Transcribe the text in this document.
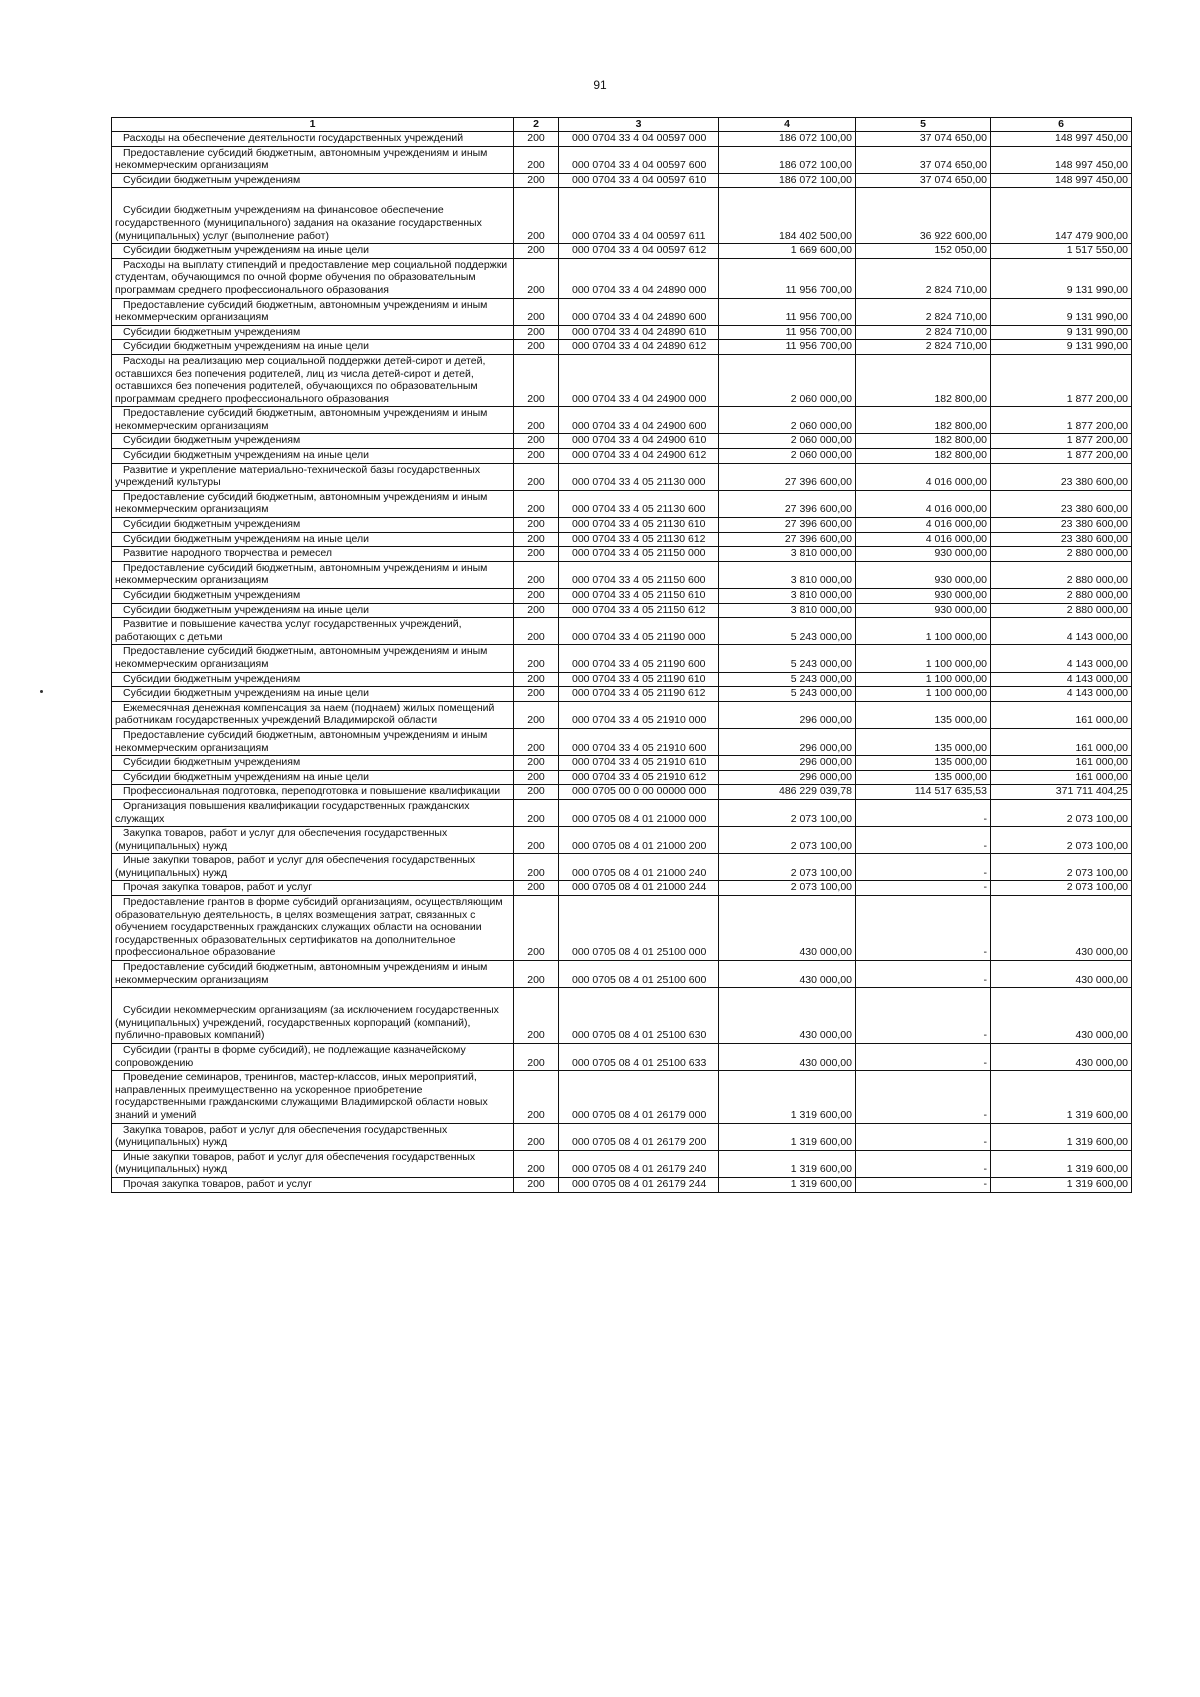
91
1	2	3	4	5	6
Расходы на обеспечение деятельности государственных учреждений	200	000 0704 33 4 04 00597 000	186 072 100,00	37 074 650,00	148 997 450,00
Предоставление субсидий бюджетным, автономным учреждениям и иным некоммерческим организациям	200	000 0704 33 4 04 00597 600	186 072 100,00	37 074 650,00	148 997 450,00
Субсидии бюджетным учреждениям	200	000 0704 33 4 04 00597 610	186 072 100,00	37 074 650,00	148 997 450,00
Субсидии бюджетным учреждениям на финансовое обеспечение государственного (муниципального) задания на оказание государственных (муниципальных) услуг (выполнение работ)	200	000 0704 33 4 04 00597 611	184 402 500,00	36 922 600,00	147 479 900,00
Субсидии бюджетным учреждениям на иные цели	200	000 0704 33 4 04 00597 612	1 669 600,00	152 050,00	1 517 550,00
Расходы на выплату стипендий и предоставление мер социальной поддержки студентам, обучающимся по очной форме обучения по образовательным программам среднего профессионального образования	200	000 0704 33 4 04 24890 000	11 956 700,00	2 824 710,00	9 131 990,00
Предоставление субсидий бюджетным, автономным учреждениям и иным некоммерческим организациям	200	000 0704 33 4 04 24890 600	11 956 700,00	2 824 710,00	9 131 990,00
Субсидии бюджетным учреждениям	200	000 0704 33 4 04 24890 610	11 956 700,00	2 824 710,00	9 131 990,00
Субсидии бюджетным учреждениям на иные цели	200	000 0704 33 4 04 24890 612	11 956 700,00	2 824 710,00	9 131 990,00
Расходы на реализацию мер социальной поддержки детей-сирот и детей, оставшихся без попечения родителей, лиц из числа детей-сирот и детей, оставшихся без попечения родителей, обучающихся по образовательным программам среднего профессионального образования	200	000 0704 33 4 04 24900 000	2 060 000,00	182 800,00	1 877 200,00
Предоставление субсидий бюджетным, автономным учреждениям и иным некоммерческим организациям	200	000 0704 33 4 04 24900 600	2 060 000,00	182 800,00	1 877 200,00
Субсидии бюджетным учреждениям	200	000 0704 33 4 04 24900 610	2 060 000,00	182 800,00	1 877 200,00
Субсидии бюджетным учреждениям на иные цели	200	000 0704 33 4 04 24900 612	2 060 000,00	182 800,00	1 877 200,00
Развитие и укрепление материально-технической базы государственных учреждений культуры	200	000 0704 33 4 05 21130 000	27 396 600,00	4 016 000,00	23 380 600,00
Предоставление субсидий бюджетным, автономным учреждениям и иным некоммерческим организациям	200	000 0704 33 4 05 21130 600	27 396 600,00	4 016 000,00	23 380 600,00
Субсидии бюджетным учреждениям	200	000 0704 33 4 05 21130 610	27 396 600,00	4 016 000,00	23 380 600,00
Субсидии бюджетным учреждениям на иные цели	200	000 0704 33 4 05 21130 612	27 396 600,00	4 016 000,00	23 380 600,00
Развитие народного творчества и ремесел	200	000 0704 33 4 05 21150 000	3 810 000,00	930 000,00	2 880 000,00
Предоставление субсидий бюджетным, автономным учреждениям и иным некоммерческим организациям	200	000 0704 33 4 05 21150 600	3 810 000,00	930 000,00	2 880 000,00
Субсидии бюджетным учреждениям	200	000 0704 33 4 05 21150 610	3 810 000,00	930 000,00	2 880 000,00
Субсидии бюджетным учреждениям на иные цели	200	000 0704 33 4 05 21150 612	3 810 000,00	930 000,00	2 880 000,00
Развитие и повышение качества услуг государственных учреждений, работающих с детьми	200	000 0704 33 4 05 21190 000	5 243 000,00	1 100 000,00	4 143 000,00
Предоставление субсидий бюджетным, автономным учреждениям и иным некоммерческим организациям	200	000 0704 33 4 05 21190 600	5 243 000,00	1 100 000,00	4 143 000,00
Субсидии бюджетным учреждениям	200	000 0704 33 4 05 21190 610	5 243 000,00	1 100 000,00	4 143 000,00
Субсидии бюджетным учреждениям на иные цели	200	000 0704 33 4 05 21190 612	5 243 000,00	1 100 000,00	4 143 000,00
Ежемесячная денежная компенсация за наем (поднаем) жилых помещений работникам государственных учреждений Владимирской области	200	000 0704 33 4 05 21910 000	296 000,00	135 000,00	161 000,00
Предоставление субсидий бюджетным, автономным учреждениям и иным некоммерческим организациям	200	000 0704 33 4 05 21910 600	296 000,00	135 000,00	161 000,00
Субсидии бюджетным учреждениям	200	000 0704 33 4 05 21910 610	296 000,00	135 000,00	161 000,00
Субсидии бюджетным учреждениям на иные цели	200	000 0704 33 4 05 21910 612	296 000,00	135 000,00	161 000,00
Профессиональная подготовка, переподготовка и повышение квалификации	200	000 0705 00 0 00 00000 000	486 229 039,78	114 517 635,53	371 711 404,25
Организация повышения квалификации государственных гражданских служащих	200	000 0705 08 4 01 21000 000	2 073 100,00	-	2 073 100,00
Закупка товаров, работ и услуг для обеспечения государственных (муниципальных) нужд	200	000 0705 08 4 01 21000 200	2 073 100,00	-	2 073 100,00
Иные закупки товаров, работ и услуг для обеспечения государственных (муниципальных) нужд	200	000 0705 08 4 01 21000 240	2 073 100,00	-	2 073 100,00
Прочая закупка товаров, работ и услуг	200	000 0705 08 4 01 21000 244	2 073 100,00	-	2 073 100,00
Предоставление грантов в форме субсидий организациям, осуществляющим образовательную деятельность, в целях возмещения затрат, связанных с обучением государственных гражданских служащих области на основании государственных образовательных сертификатов на дополнительное профессиональное образование	200	000 0705 08 4 01 25100 000	430 000,00	-	430 000,00
Предоставление субсидий бюджетным, автономным учреждениям и иным некоммерческим организациям	200	000 0705 08 4 01 25100 600	430 000,00	-	430 000,00
Субсидии некоммерческим организациям (за исключением государственных (муниципальных) учреждений, государственных корпораций (компаний), публично-правовых компаний)	200	000 0705 08 4 01 25100 630	430 000,00	-	430 000,00
Субсидии (гранты в форме субсидий), не подлежащие казначейскому сопровождению	200	000 0705 08 4 01 25100 633	430 000,00	-	430 000,00
Проведение семинаров, тренингов, мастер-классов, иных мероприятий, направленных преимущественно на ускоренное приобретение государственными гражданскими служащими Владимирской области новых знаний и умений	200	000 0705 08 4 01 26179 000	1 319 600,00	-	1 319 600,00
Закупка товаров, работ и услуг для обеспечения государственных (муниципальных) нужд	200	000 0705 08 4 01 26179 200	1 319 600,00	-	1 319 600,00
Иные закупки товаров, работ и услуг для обеспечения государственных (муниципальных) нужд	200	000 0705 08 4 01 26179 240	1 319 600,00	-	1 319 600,00
Прочая закупка товаров, работ и услуг	200	000 0705 08 4 01 26179 244	1 319 600,00	-	1 319 600,00
